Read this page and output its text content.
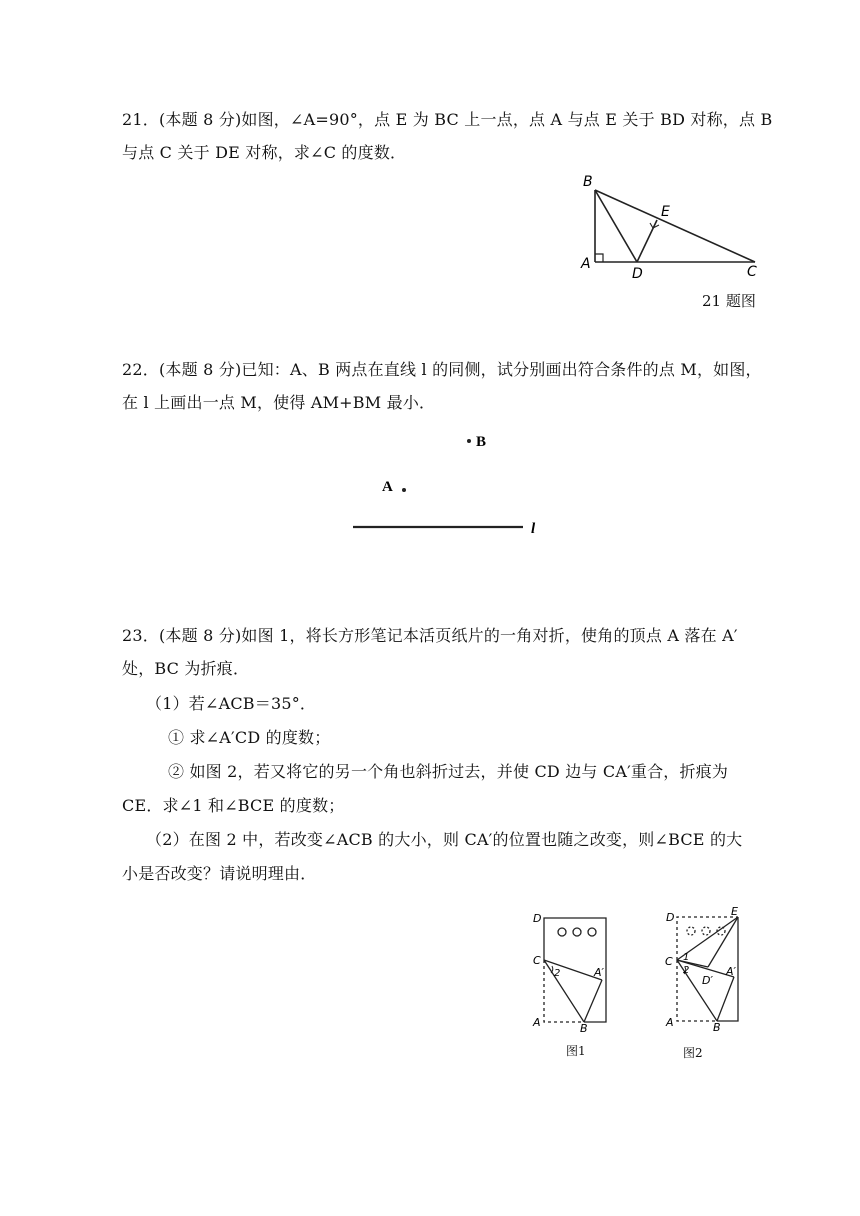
21．(本题 8 分)如图，∠A=90°，点 E 为 BC 上一点，点 A 与点 E 关于 BD 对称，点 B
与点 C 关于 DE 对称，求∠C 的度数．
B
E
A
D	C
21 题图
22．(本题 8 分)已知：A、B 两点在直线 l 的同侧，试分别画出符合条件的点 M，如图，
在 l 上画出一点 M，使得 AM+BM 最小．
B
A
l
23．(本题 8 分)如图 1，将长方形笔记本活页纸片的一角对折，使角的顶点 A 落在 A′
处，BC 为折痕．
（1）若∠ACB＝35°．
① 求∠A′CD 的度数；
② 如图 2，若又将它的另一个角也斜折过去，并使 CD 边与 CA′重合，折痕为
CE．求∠1 和∠BCE 的度数；
（2）在图 2 中，若改变∠ACB 的大小，则 CA′的位置也随之改变，则∠BCE 的大
小是否改变？请说明理由．
D
C
2	A′
A	B
图1
D	E
C 1
2
D′
A′
A	B
图2
